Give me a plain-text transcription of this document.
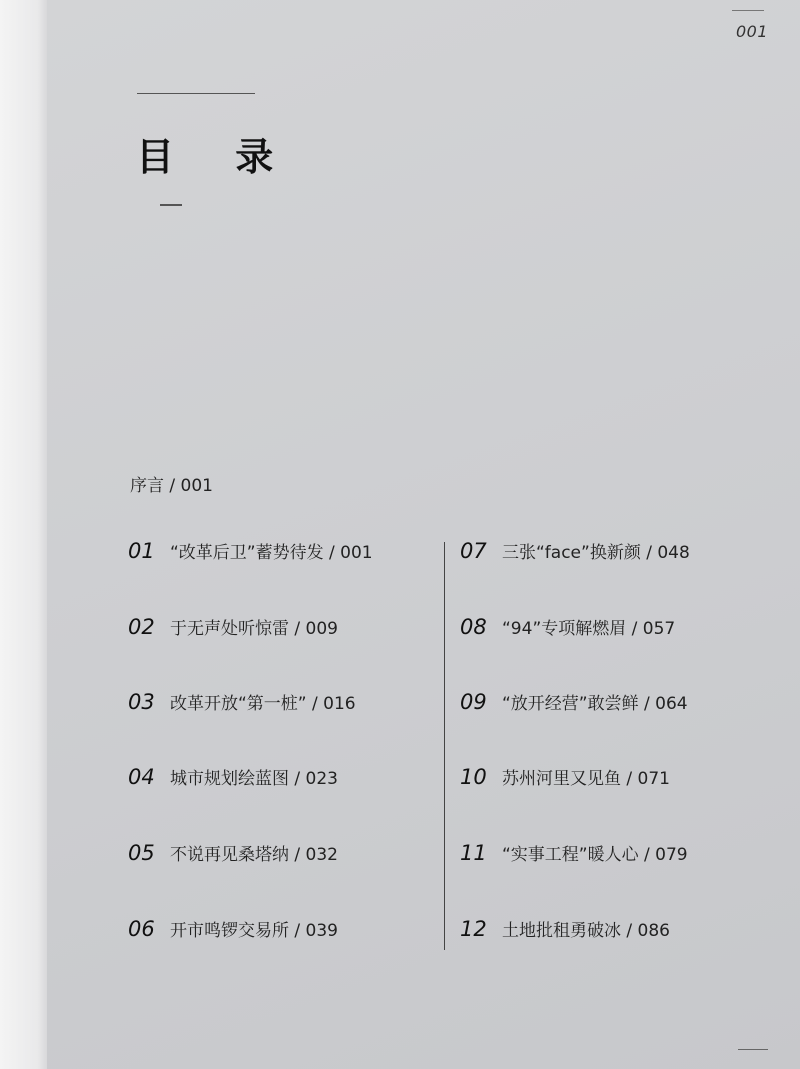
001
目 录
序言 / 001
01 “改革后卫”蓄势待发 / 001
02 于无声处听惊雷 / 009
03 改革开放“第一桩” / 016
04 城市规划绘蓝图 / 023
05 不说再见桑塔纳 / 032
06 开市鸣锣交易所 / 039
07 三张“face”换新颜 / 048
08 “94”专项解燃眉 / 057
09 “放开经营”敢尝鲜 / 064
10 苏州河里又见鱼 / 071
11 “实事工程”暖人心 / 079
12 土地批租勇破冰 / 086
